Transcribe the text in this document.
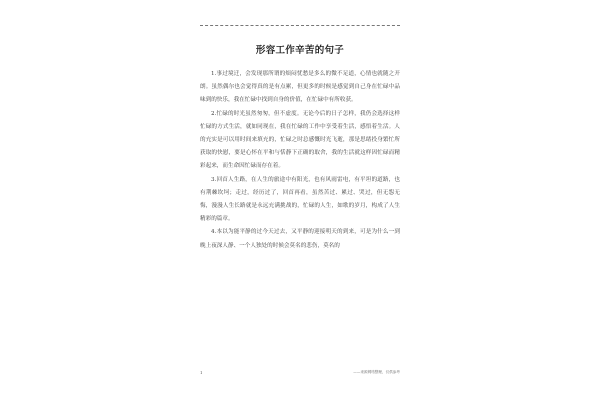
形容工作辛苦的句子

1.事过境迁，会发现那所谓的烦闷忧愁是多么的微不足道，心情也就随之开朗。虽然偶尔也会觉得真的是有点累，但更多的时候是感觉到自己身在忙碌中品味到的快乐，我在忙碌中找到自身的价值，在忙碌中有所收获。

2.忙碌的时光虽然匆匆，但不虚度。无论今后的日子怎样，我仍会选择这样忙碌的方式生活，就如同现在，我在忙碌的工作中享受着生活，感悟着生活。人的充实是可以用时间来填充的，忙碌之时总感慨时光飞逝，那是思绪投身繁忙所获取的快慰，要是心怀在平和与恬静下正确的取舍，我的生活就这样因忙碌而精彩起来，而生命因忙碌而存在着。

3.回首人生路，在人生的旅途中有阳光，也有风雨雷电，有平坦的道路，也有荆棘坎坷；走过，经历过了，回首再看，虽然苦过、累过、哭过，但无怨无悔，漫漫人生长路就是永远充满挑战的，忙碌的人生，如歌的岁月，构成了人生精彩的篇章。

4.本以为能平静的过今天过去，又平静的迎接明天的到来，可是为什么一到晚上夜深人静、一个人独处的时候会莫名的悲伤，莫名的

1	——来源网络整理，仅供参考
